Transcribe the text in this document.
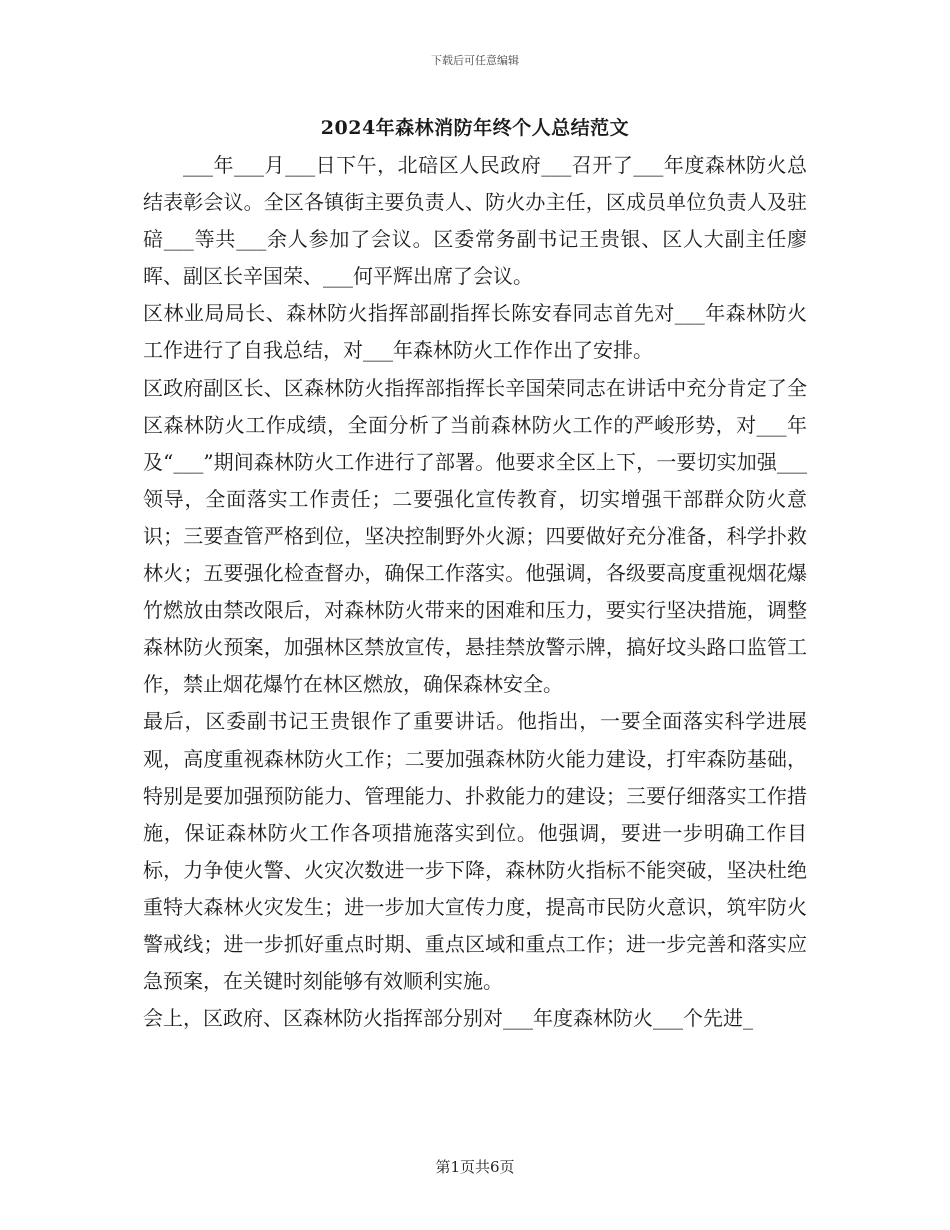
下载后可任意编辑
2024年森林消防年终个人总结范文

___年___月___日下午，北碚区人民政府___召开了___年度森林防火总结表彰会议。全区各镇街主要负责人、防火办主任，区成员单位负责人及驻碚___等共___余人参加了会议。区委常务副书记王贵银、区人大副主任廖晖、副区长辛国荣、___何平辉出席了会议。

区林业局局长、森林防火指挥部副指挥长陈安春同志首先对___年森林防火工作进行了自我总结，对___年森林防火工作作出了安排。

区政府副区长、区森林防火指挥部指挥长辛国荣同志在讲话中充分肯定了全区森林防火工作成绩，全面分析了当前森林防火工作的严峻形势，对___年及“___”期间森林防火工作进行了部署。他要求全区上下，一要切实加强___领导，全面落实工作责任；二要强化宣传教育，切实增强干部群众防火意识；三要查管严格到位，坚决控制野外火源；四要做好充分准备，科学扑救林火；五要强化检查督办，确保工作落实。他强调，各级要高度重视烟花爆竹燃放由禁改限后，对森林防火带来的困难和压力，要实行坚决措施，调整森林防火预案，加强林区禁放宣传，悬挂禁放警示牌，搞好坟头路口监管工作，禁止烟花爆竹在林区燃放，确保森林安全。

最后，区委副书记王贵银作了重要讲话。他指出，一要全面落实科学进展观，高度重视森林防火工作；二要加强森林防火能力建设，打牢森防基础，特别是要加强预防能力、管理能力、扑救能力的建设；三要仔细落实工作措施，保证森林防火工作各项措施落实到位。他强调，要进一步明确工作目标，力争使火警、火灾次数进一步下降，森林防火指标不能突破，坚决杜绝重特大森林火灾发生；进一步加大宣传力度，提高市民防火意识，筑牢防火警戒线；进一步抓好重点时期、重点区域和重点工作；进一步完善和落实应急预案，在关键时刻能够有效顺利实施。

会上，区政府、区森林防火指挥部分别对___年度森林防火___个先进_

第1页共6页
